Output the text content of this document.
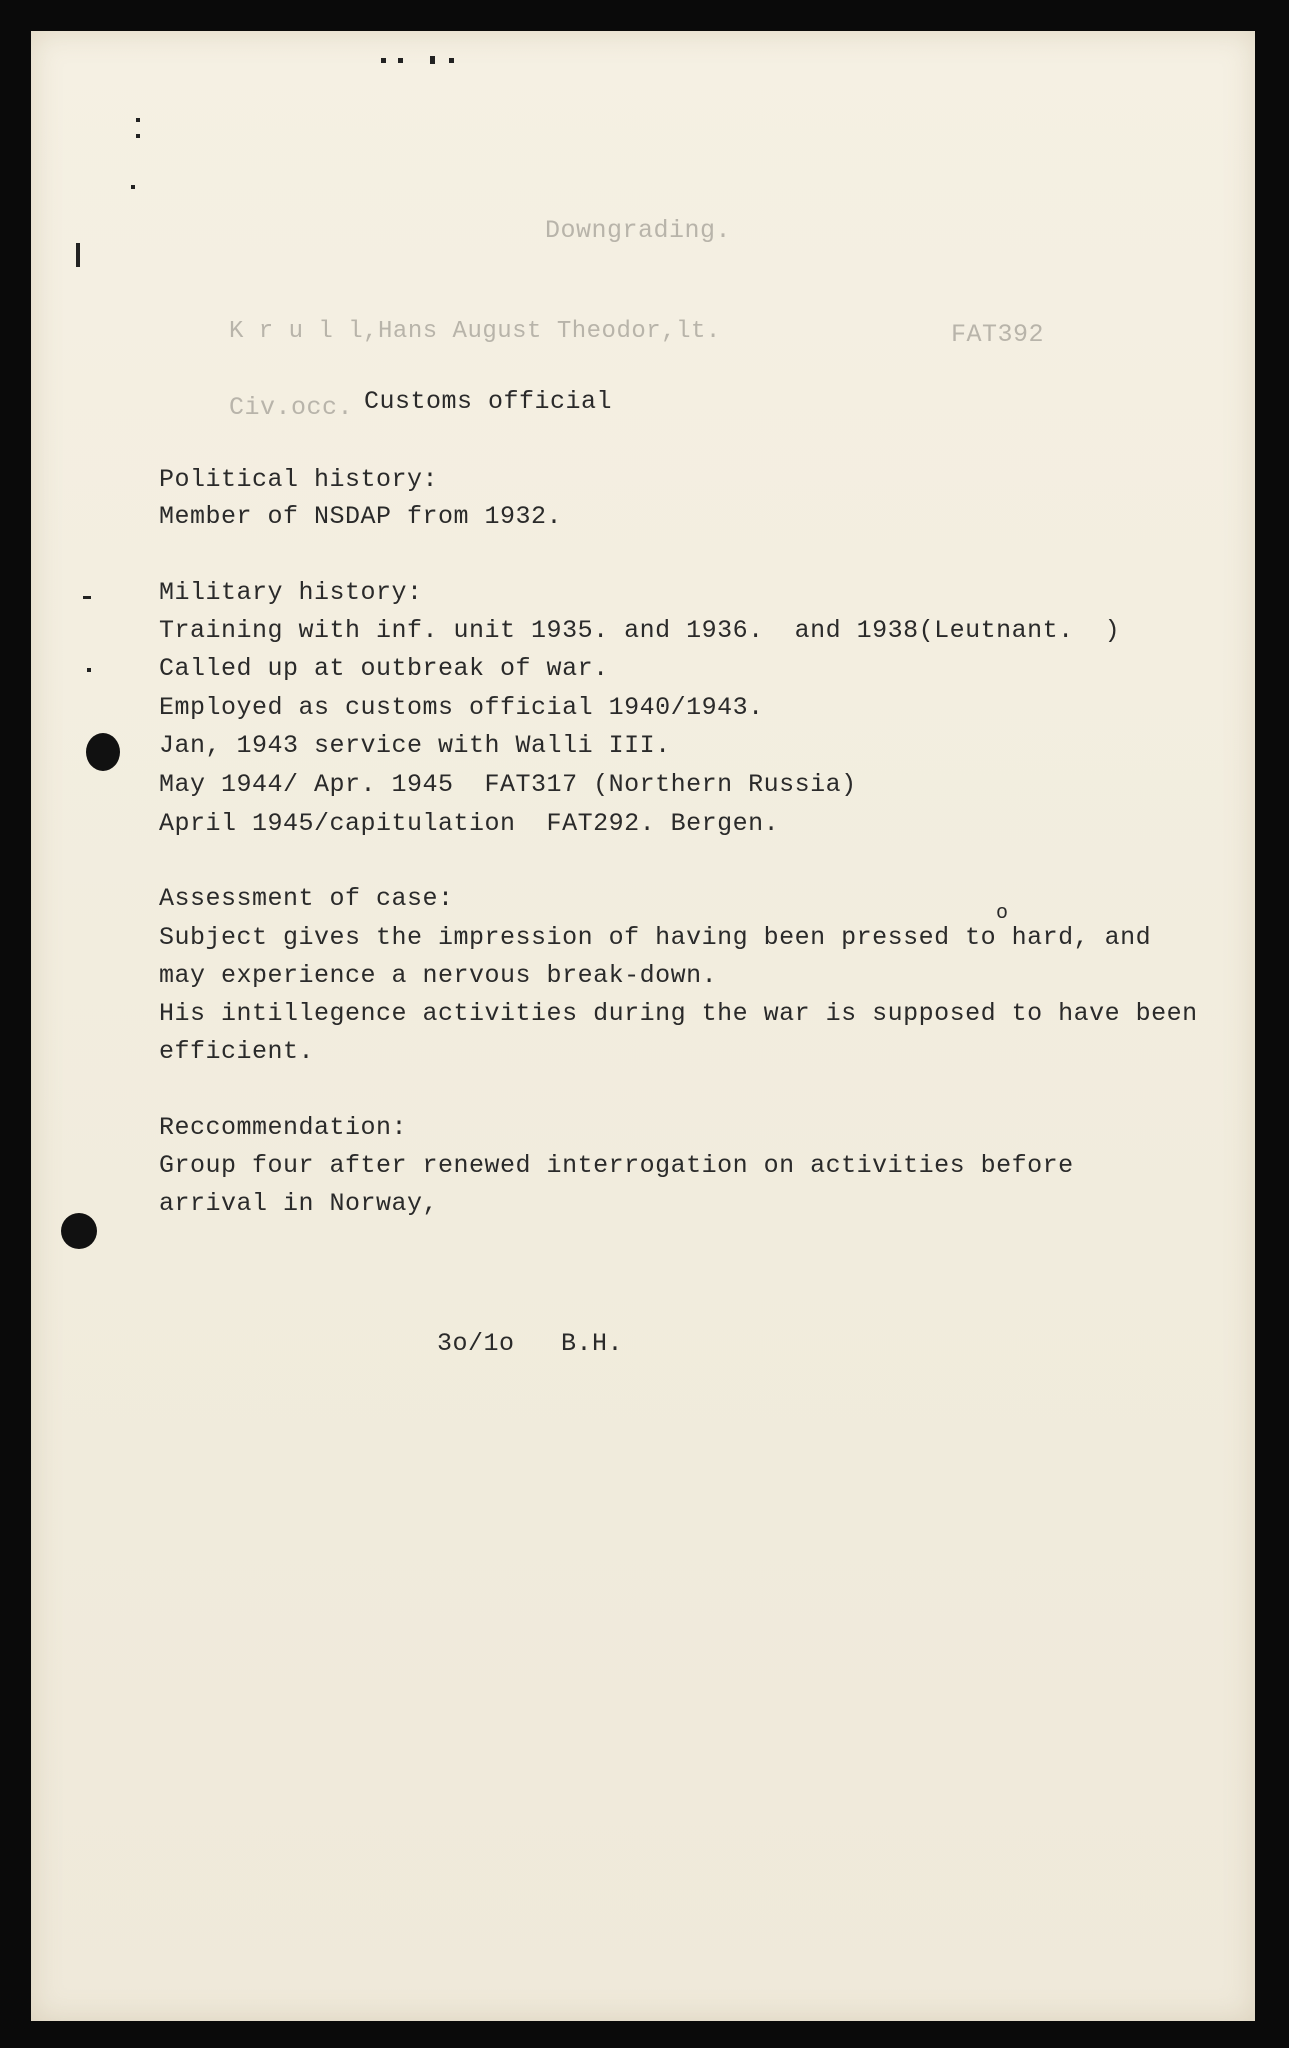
Downgrading.
K r u l l,Hans August Theodor,lt.	FAT392
Civ.occ. Customs official
Political history:
Member of NSDAP from 1932.
Military history:
Training with inf. unit 1935. and 1936.  and 1938(Leutnant.  )
Called up at outbreak of war.
Employed as customs official 1940/1943.
Jan, 1943 service with Walli III.
May 1944/ Apr. 1945  FAT317 (Northern Russia)
April 1945/capitulation  FAT292. Bergen.
Assessment of case:
o
Subject gives the impression of having been pressed to hard, and
may experience a nervous break-down.
His intillegence activities during the war is supposed to have been
efficient.
Reccommendation:
Group four after renewed interrogation on activities before
arrival in Norway,
3o/1o   B.H.
